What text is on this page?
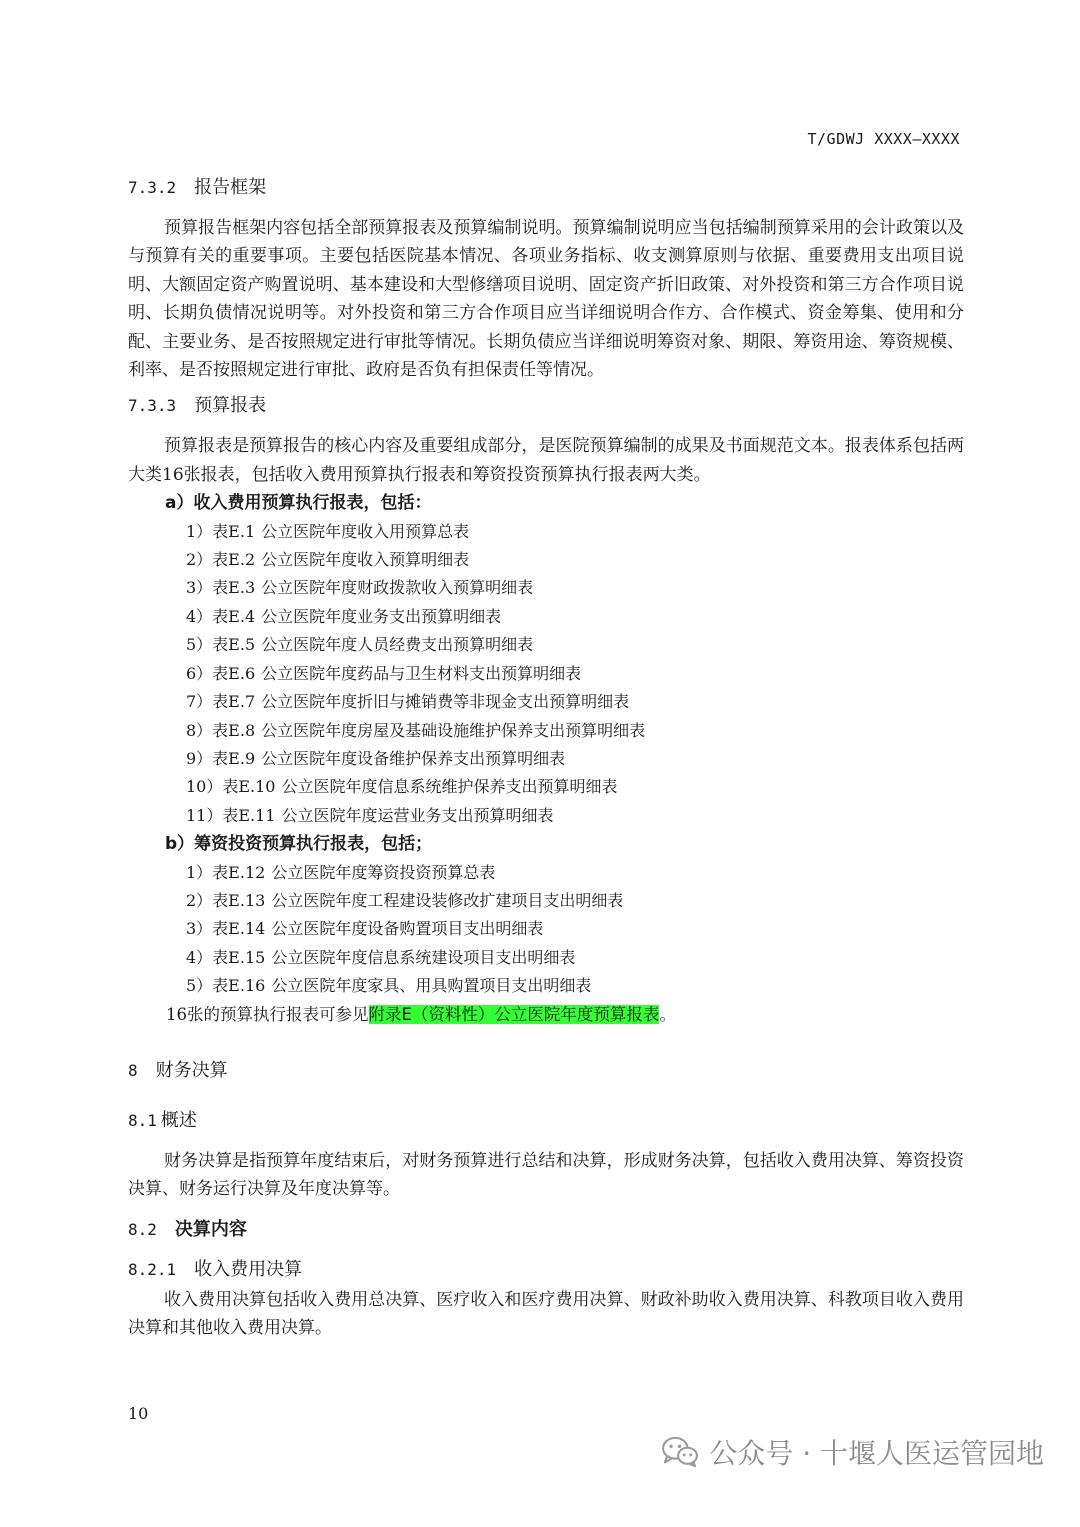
T/GDWJ XXXX—XXXX

7.3.2 报告框架

预算报告框架内容包括全部预算报表及预算编制说明。预算编制说明应当包括编制预算采用的会计政策以及与预算有关的重要事项。主要包括医院基本情况、各项业务指标、收支测算原则与依据、重要费用支出项目说明、大额固定资产购置说明、基本建设和大型修缮项目说明、固定资产折旧政策、对外投资和第三方合作项目说明、长期负债情况说明等。对外投资和第三方合作项目应当详细说明合作方、合作模式、资金筹集、使用和分配、主要业务、是否按照规定进行审批等情况。长期负债应当详细说明筹资对象、期限、筹资用途、筹资规模、利率、是否按照规定进行审批、政府是否负有担保责任等情况。

7.3.3 预算报表

预算报表是预算报告的核心内容及重要组成部分，是医院预算编制的成果及书面规范文本。报表体系包括两大类16张报表，包括收入费用预算执行报表和筹资投资预算执行报表两大类。

a）收入费用预算执行报表，包括：

1）表E.1 公立医院年度收入用预算总表

2）表E.2 公立医院年度收入预算明细表

3）表E.3 公立医院年度财政拨款收入预算明细表

4）表E.4 公立医院年度业务支出预算明细表

5）表E.5 公立医院年度人员经费支出预算明细表

6）表E.6 公立医院年度药品与卫生材料支出预算明细表

7）表E.7 公立医院年度折旧与摊销费等非现金支出预算明细表

8）表E.8 公立医院年度房屋及基础设施维护保养支出预算明细表

9）表E.9 公立医院年度设备维护保养支出预算明细表

10）表E.10 公立医院年度信息系统维护保养支出预算明细表

11）表E.11 公立医院年度运营业务支出预算明细表

b）筹资投资预算执行报表，包括；

1）表E.12 公立医院年度筹资投资预算总表

2）表E.13 公立医院年度工程建设装修改扩建项目支出明细表

3）表E.14 公立医院年度设备购置项目支出明细表

4）表E.15 公立医院年度信息系统建设项目支出明细表

5）表E.16 公立医院年度家具、用具购置项目支出明细表

16张的预算执行报表可参见附录E（资料性）公立医院年度预算报表。

8 财务决算

8.1 概述

财务决算是指预算年度结束后，对财务预算进行总结和决算，形成财务决算，包括收入费用决算、筹资投资决算、财务运行决算及年度决算等。

8.2 决算内容

8.2.1 收入费用决算

收入费用决算包括收入费用总决算、医疗收入和医疗费用决算、财政补助收入费用决算、科教项目收入费用决算和其他收入费用决算。

10
公众号 · 十堰人医运管园地
